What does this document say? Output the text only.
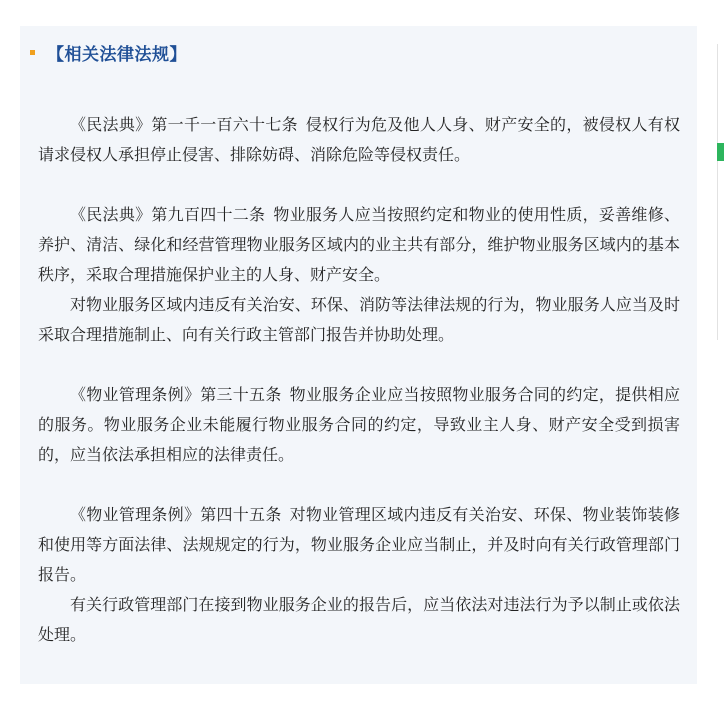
【相关法律法规】

《民法典》第一千一百六十七条 侵权行为危及他人人身、财产安全的，被侵权人有权请求侵权人承担停止侵害、排除妨碍、消除危险等侵权责任。

《民法典》第九百四十二条 物业服务人应当按照约定和物业的使用性质，妥善维修、养护、清洁、绿化和经营管理物业服务区域内的业主共有部分，维护物业服务区域内的基本秩序，采取合理措施保护业主的人身、财产安全。

对物业服务区域内违反有关治安、环保、消防等法律法规的行为，物业服务人应当及时采取合理措施制止、向有关行政主管部门报告并协助处理。

《物业管理条例》第三十五条 物业服务企业应当按照物业服务合同的约定，提供相应的服务。物业服务企业未能履行物业服务合同的约定，导致业主人身、财产安全受到损害的，应当依法承担相应的法律责任。

《物业管理条例》第四十五条 对物业管理区域内违反有关治安、环保、物业装饰装修和使用等方面法律、法规规定的行为，物业服务企业应当制止，并及时向有关行政管理部门报告。

有关行政管理部门在接到物业服务企业的报告后，应当依法对违法行为予以制止或依法处理。
